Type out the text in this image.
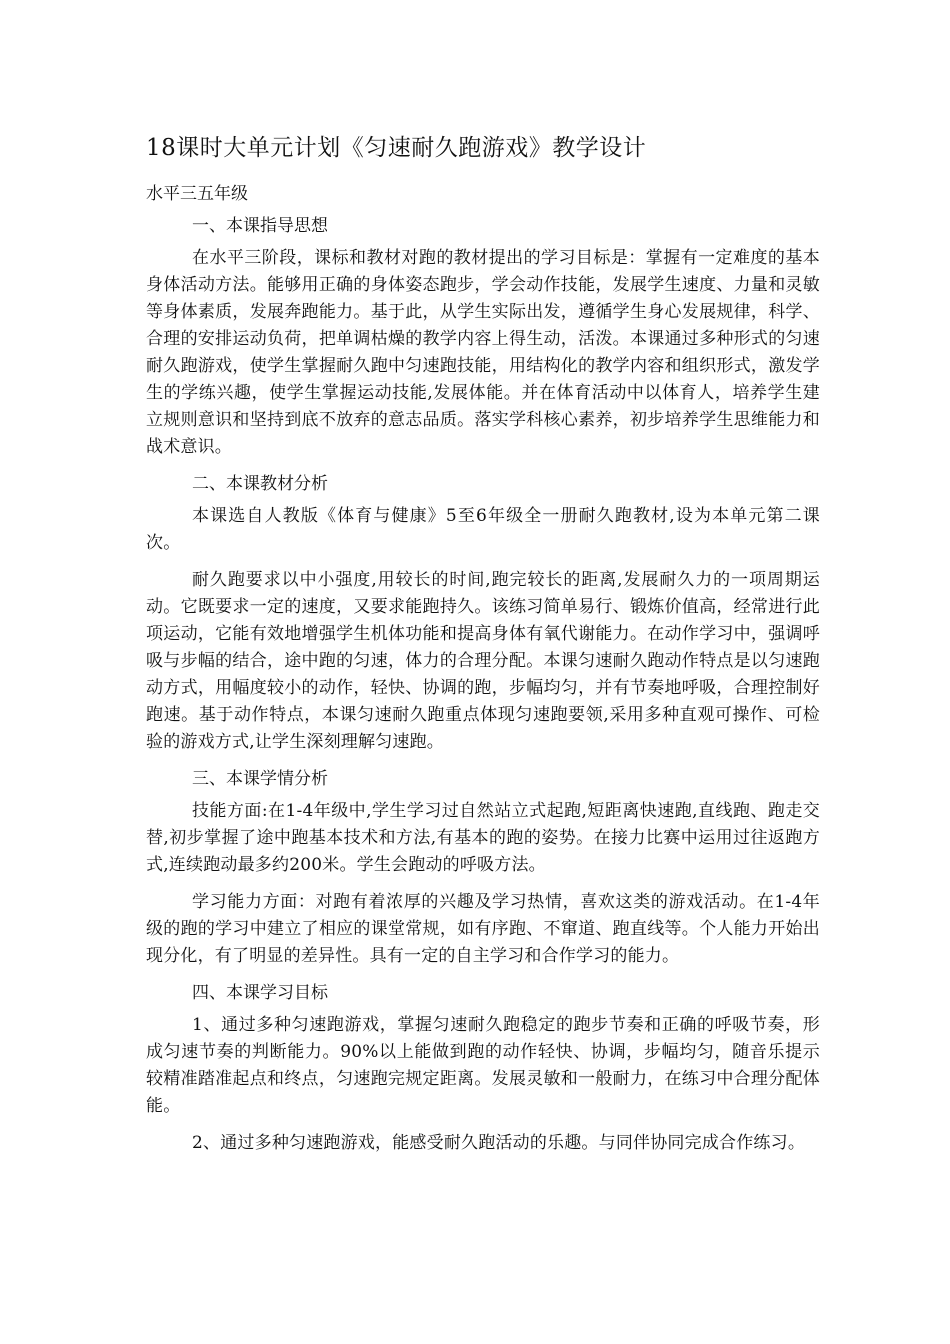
18课时大单元计划《匀速耐久跑游戏》教学设计
水平三五年级
一、本课指导思想

在水平三阶段，课标和教材对跑的教材提出的学习目标是：掌握有一定难度的基本身体活动方法。能够用正确的身体姿态跑步，学会动作技能，发展学生速度、力量和灵敏等身体素质，发展奔跑能力。基于此，从学生实际出发，遵循学生身心发展规律，科学、合理的安排运动负荷，把单调枯燥的教学内容上得生动，活泼。本课通过多种形式的匀速耐久跑游戏，使学生掌握耐久跑中匀速跑技能，用结构化的教学内容和组织形式，激发学生的学练兴趣，使学生掌握运动技能,发展体能。并在体育活动中以体育人，培养学生建立规则意识和坚持到底不放弃的意志品质。落实学科核心素养，初步培养学生思维能力和战术意识。

二、本课教材分析

本课选自人教版《体育与健康》5至6年级全一册耐久跑教材,设为本单元第二课次。

耐久跑要求以中小强度,用较长的时间,跑完较长的距离,发展耐久力的一项周期运动。它既要求一定的速度，又要求能跑持久。该练习简单易行、锻炼价值高，经常进行此项运动，它能有效地增强学生机体功能和提高身体有氧代谢能力。在动作学习中，强调呼吸与步幅的结合，途中跑的匀速，体力的合理分配。本课匀速耐久跑动作特点是以匀速跑动方式，用幅度较小的动作，轻快、协调的跑，步幅均匀，并有节奏地呼吸，合理控制好跑速。基于动作特点，本课匀速耐久跑重点体现匀速跑要领,采用多种直观可操作、可检验的游戏方式,让学生深刻理解匀速跑。

三、本课学情分析

技能方面:在1-4年级中,学生学习过自然站立式起跑,短距离快速跑,直线跑、跑走交替,初步掌握了途中跑基本技术和方法,有基本的跑的姿势。在接力比赛中运用过往返跑方式,连续跑动最多约200米。学生会跑动的呼吸方法。

学习能力方面：对跑有着浓厚的兴趣及学习热情，喜欢这类的游戏活动。在1-4年级的跑的学习中建立了相应的课堂常规，如有序跑、不窜道、跑直线等。个人能力开始出现分化，有了明显的差异性。具有一定的自主学习和合作学习的能力。

四、本课学习目标

1、通过多种匀速跑游戏，掌握匀速耐久跑稳定的跑步节奏和正确的呼吸节奏，形成匀速节奏的判断能力。90%以上能做到跑的动作轻快、协调，步幅均匀，随音乐提示较精准踏准起点和终点，匀速跑完规定距离。发展灵敏和一般耐力，在练习中合理分配体能。

2、通过多种匀速跑游戏，能感受耐久跑活动的乐趣。与同伴协同完成合作练习。
